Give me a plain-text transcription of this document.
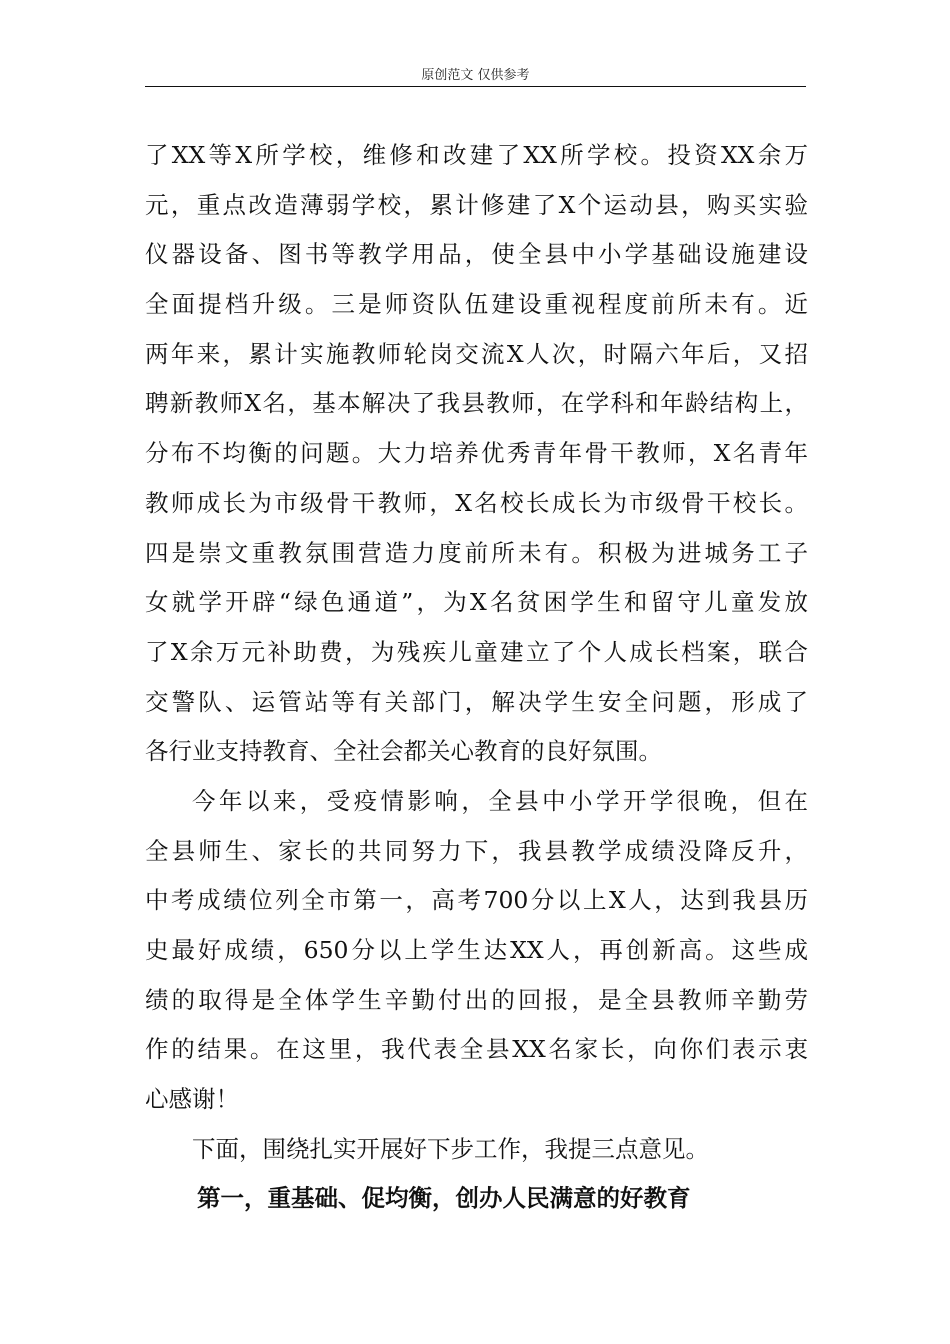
原创范文 仅供参考
了XX等X所学校，维修和改建了XX所学校。投资XX余万
元，重点改造薄弱学校，累计修建了X个运动县，购买实验
仪器设备、图书等教学用品，使全县中小学基础设施建设
全面提档升级。三是师资队伍建设重视程度前所未有。近
两年来，累计实施教师轮岗交流X人次，时隔六年后，又招
聘新教师X名，基本解决了我县教师，在学科和年龄结构上，
分布不均衡的问题。大力培养优秀青年骨干教师，X名青年
教师成长为市级骨干教师，X名校长成长为市级骨干校长。
四是崇文重教氛围营造力度前所未有。积极为进城务工子
女就学开辟“绿色通道”，为X名贫困学生和留守儿童发放
了X余万元补助费，为残疾儿童建立了个人成长档案，联合
交警队、运管站等有关部门，解决学生安全问题，形成了
各行业支持教育、全社会都关心教育的良好氛围。
今年以来，受疫情影响，全县中小学开学很晚，但在
全县师生、家长的共同努力下，我县教学成绩没降反升，
中考成绩位列全市第一，高考700分以上X人，达到我县历
史最好成绩，650分以上学生达XX人，再创新高。这些成
绩的取得是全体学生辛勤付出的回报，是全县教师辛勤劳
作的结果。在这里，我代表全县XX名家长，向你们表示衷
心感谢！
下面，围绕扎实开展好下步工作，我提三点意见。
第一，重基础、促均衡，创办人民满意的好教育
